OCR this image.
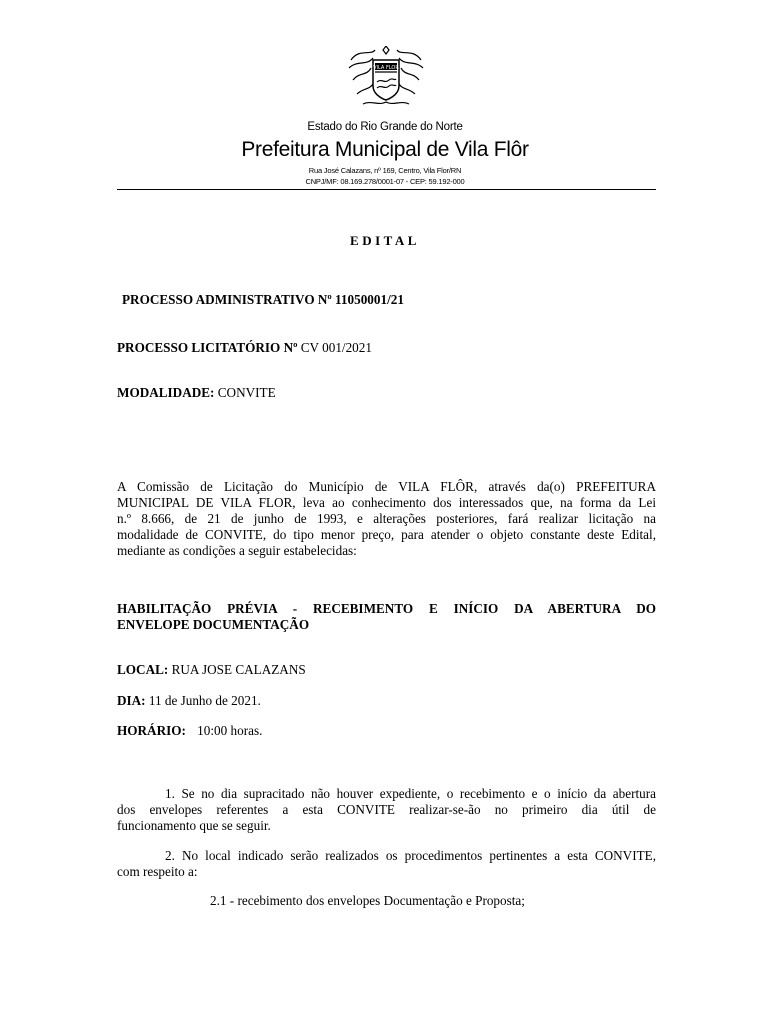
VILA FLOR
Estado do Rio Grande do Norte
Prefeitura Municipal de Vila Flôr
Rua José Calazans, nº 169, Centro, Vila Flor/RN
CNPJ/MF: 08.169.278/0001-07 - CEP: 59.192-000
EDITAL
PROCESSO ADMINISTRATIVO Nº 11050001/21
PROCESSO LICITATÓRIO Nº CV 001/2021
MODALIDADE: CONVITE
A Comissão de Licitação do Município de VILA FLÔR, através da(o) PREFEITURA
MUNICIPAL DE VILA FLOR, leva ao conhecimento dos interessados que, na forma da Lei
n.º 8.666, de 21 de junho de 1993, e alterações posteriores, fará realizar licitação na
modalidade de CONVITE, do tipo menor preço, para atender o objeto constante deste Edital,
mediante as condições a seguir estabelecidas:
HABILITAÇÃO PRÉVIA - RECEBIMENTO E INÍCIO DA ABERTURA DO
ENVELOPE DOCUMENTAÇÃO
LOCAL: RUA JOSE CALAZANS
DIA: 11 de Junho de 2021.
HORÁRIO: 10:00 horas.
1. Se no dia supracitado não houver expediente, o recebimento e o início da abertura
dos envelopes referentes a esta CONVITE realizar-se-ão no primeiro dia útil de
funcionamento que se seguir.
2. No local indicado serão realizados os procedimentos pertinentes a esta CONVITE,
com respeito a:
2.1 - recebimento dos envelopes Documentação e Proposta;
